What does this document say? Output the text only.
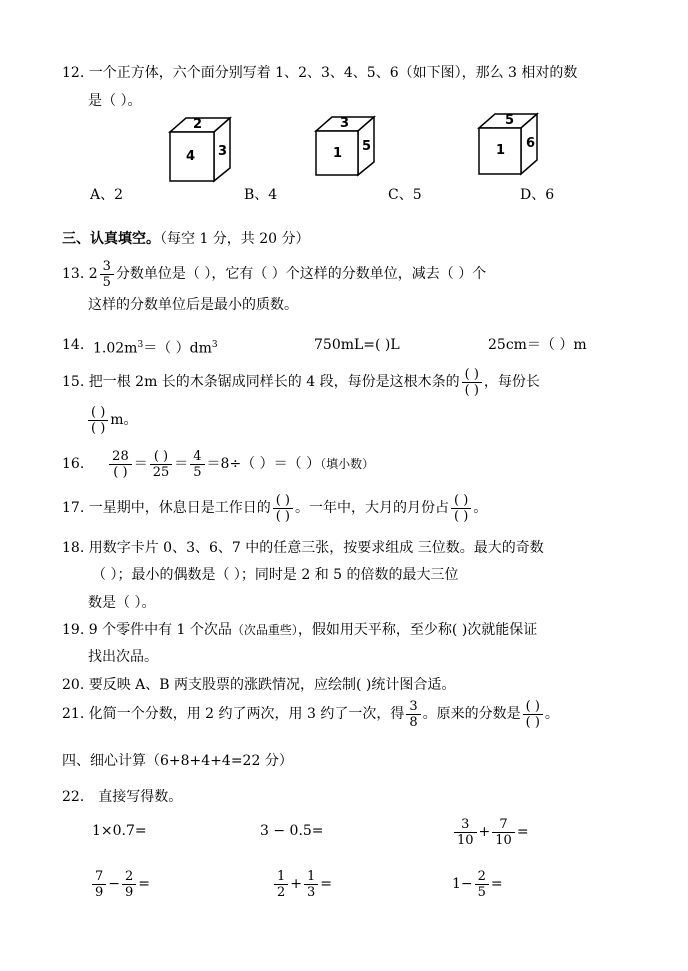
12. 一个正方体，六个面分别写着 1、2、3、4、5、6（如下图），那么 3 相对的数
是（ ）。
2
4 3
3
1 5
5
1 6
A、2	B、4	C、5	D、6
三、认真填空。（每空 1 分，共 20 分）
13. $2 \frac{3}{5}$ 分数单位是（ ），它有（ ）个这样的分数单位，减去（ ）个
这样的分数单位后是最小的质数。
14. $1.02m^3=$（ ）$dm^3$	750mL=( )L	25cm＝（ ）m
15. 把一根 2m 长的木条锯成同样长的 4 段，每份是这根木条的 $\frac{( )}{( )}$ ，每份长
$\frac{( )}{( )}$ m。
16. $\frac{28}{( )} = \frac{( )}{25} = \frac{4}{5} =8\div$（ ）＝（ ）（填小数）
17. 一星期中，休息日是工作日的 $\frac{( )}{( )}$ 。一年中，大月的月份占 $\frac{( )}{( )}$ 。
18. 用数字卡片 0、3、6、7 中的任意三张，按要求组成 三位数。最大的奇数
（ ）；最小的偶数是（ ）；同时是 2 和 5 的倍数的最大三位
数是（ ）。
19. 9 个零件中有 1 个次品（次品重些），假如用天平称，至少称( )次就能保证
找出次品。
20. 要反映 A、B 两支股票的涨跌情况，应绘制( )统计图合适。
21. 化简一个分数，用 2 约了两次，用 3 约了一次，得 $\frac{3}{8}$ 。原来的分数是 $\frac{( )}{( )}$ 。
四、细心计算（6+8+4+4=22 分）
22． 直接写得数。
1×0.7=	3 − 0.5=	$\frac{3}{10} + \frac{7}{10}$ =
$\frac{7}{9} - \frac{2}{9}$ =	$\frac{1}{2} + \frac{1}{3}$ =	$1- \frac{2}{5}$ =
